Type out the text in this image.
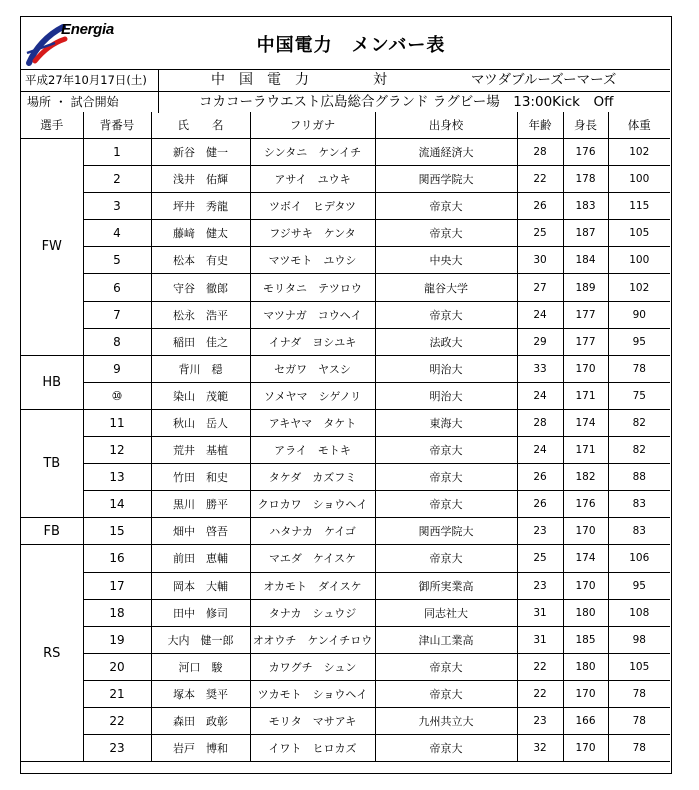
Energia
中国電力　メンバー表
平成27年10月17日(土)	中　国　電　力	対	マツダブルーズーマーズ
場所 ・ 試合開始	コカコーラウエスト広島総合グランド ラグビー場　13:00Kick　Off
選手	背番号	氏　　名	フリガナ	出身校	年齢	身長	体重
FW	1	新谷　健一	シンタニ　ケンイチ	流通経済大	28	176	102
	2	浅井　佑輝	アサイ　ユウキ	関西学院大	22	178	100
	3	坪井　秀龍	ツボイ　ヒデタツ	帝京大	26	183	115
	4	藤﨑　健太	フジサキ　ケンタ	帝京大	25	187	105
	5	松本　有史	マツモト　ユウシ	中央大	30	184	100
	6	守谷　徹郎	モリタニ　テツロウ	龍谷大学	27	189	102
	7	松永　浩平	マツナガ　コウヘイ	帝京大	24	177	90
	8	稲田　佳之	イナダ　ヨシユキ	法政大	29	177	95
HB	9	背川　穏	セガワ　ヤスシ	明治大	33	170	78
	⑩	染山　茂範	ソメヤマ　シゲノリ	明治大	24	171	75
TB	11	秋山　岳人	アキヤマ　タケト	東海大	28	174	82
	12	荒井　基植	アライ　モトキ	帝京大	24	171	82
	13	竹田　和史	タケダ　カズフミ	帝京大	26	182	88
	14	黒川　勝平	クロカワ　ショウヘイ	帝京大	26	176	83
FB	15	畑中　啓吾	ハタナカ　ケイゴ	関西学院大	23	170	83
RS	16	前田　恵輔	マエダ　ケイスケ	帝京大	25	174	106
	17	岡本　大輔	オカモト　ダイスケ	御所実業高	23	170	95
	18	田中　修司	タナカ　シュウジ	同志社大	31	180	108
	19	大内　健一郎	オオウチ　ケンイチロウ	津山工業高	31	185	98
	20	河口　駿	カワグチ　シュン	帝京大	22	180	105
	21	塚本　奨平	ツカモト　ショウヘイ	帝京大	22	170	78
	22	森田　政彰	モリタ　マサアキ	九州共立大	23	166	78
	23	岩戸　博和	イワト　ヒロカズ	帝京大	32	170	78
